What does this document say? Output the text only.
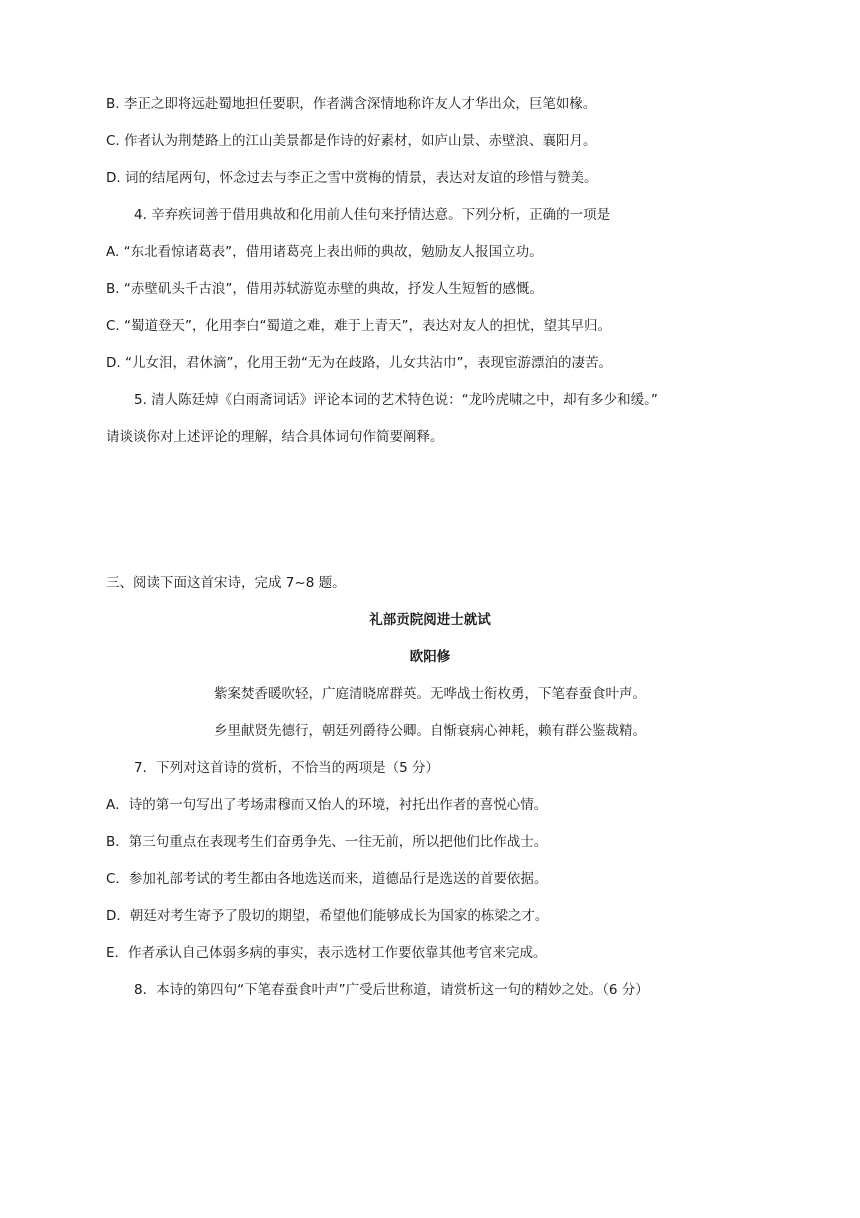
B. 李正之即将远赴蜀地担任要职，作者满含深情地称许友人才华出众，巨笔如椽。
C. 作者认为荆楚路上的江山美景都是作诗的好素材，如庐山景、赤壁浪、襄阳月。
D. 词的结尾两句，怀念过去与李正之雪中赏梅的情景，表达对友谊的珍惜与赞美。
4. 辛弃疾词善于借用典故和化用前人佳句来抒情达意。下列分析，正确的一项是
A. “东北看惊诸葛表”，借用诸葛亮上表出师的典故，勉励友人报国立功。
B. “赤壁矶头千古浪”，借用苏轼游览赤壁的典故，抒发人生短暂的感慨。
C. “蜀道登天”，化用李白“蜀道之难，难于上青天”，表达对友人的担忧，望其早归。
D. “儿女泪，君休滴”，化用王勃“无为在歧路，儿女共沾巾”，表现宦游漂泊的凄苦。
5. 清人陈廷焯《白雨斋词话》评论本词的艺术特色说：“龙吟虎啸之中，却有多少和缓。”
请谈谈你对上述评论的理解，结合具体词句作简要阐释。
三、阅读下面这首宋诗，完成 7~8 题。
礼部贡院阅进士就试
欧阳修
紫案焚香暖吹轻，广庭清晓席群英。无哗战士衔枚勇，下笔春蚕食叶声。
乡里献贤先德行，朝廷列爵待公卿。自惭衰病心神耗，赖有群公鉴裁精。
7．下列对这首诗的赏析，不恰当的两项是（5 分）
A．诗的第一句写出了考场肃穆而又怡人的环境，衬托出作者的喜悦心情。
B．第三句重点在表现考生们奋勇争先、一往无前，所以把他们比作战士。
C．参加礼部考试的考生都由各地选送而来，道德品行是选送的首要依据。
D．朝廷对考生寄予了殷切的期望，希望他们能够成长为国家的栋梁之才。
E．作者承认自己体弱多病的事实，表示选材工作要依靠其他考官来完成。
8．本诗的第四句“下笔春蚕食叶声”广受后世称道，请赏析这一句的精妙之处。（6 分）
